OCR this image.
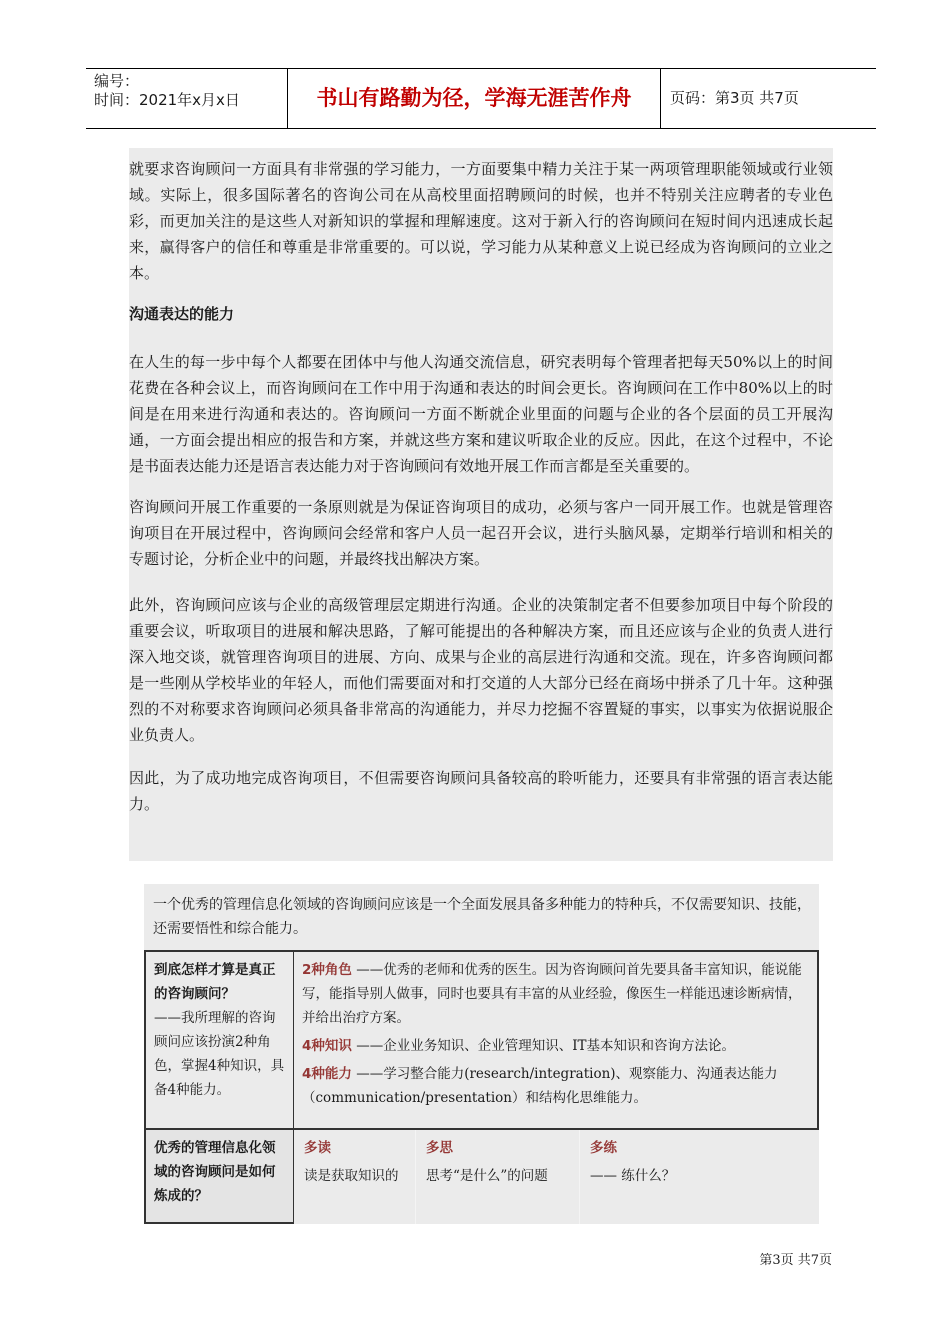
编号：
时间：2021年x月x日	书山有路勤为径，学海无涯苦作舟	页码：第3页 共7页
就要求咨询顾问一方面具有非常强的学习能力，一方面要集中精力关注于某一两项管理职能领域或行业领域。实际上，很多国际著名的咨询公司在从高校里面招聘顾问的时候，也并不特别关注应聘者的专业色彩，而更加关注的是这些人对新知识的掌握和理解速度。这对于新入行的咨询顾问在短时间内迅速成长起来，赢得客户的信任和尊重是非常重要的。可以说，学习能力从某种意义上说已经成为咨询顾问的立业之本。
沟通表达的能力
在人生的每一步中每个人都要在团体中与他人沟通交流信息，研究表明每个管理者把每天50%以上的时间花费在各种会议上，而咨询顾问在工作中用于沟通和表达的时间会更长。咨询顾问在工作中80%以上的时间是在用来进行沟通和表达的。咨询顾问一方面不断就企业里面的问题与企业的各个层面的员工开展沟通，一方面会提出相应的报告和方案，并就这些方案和建议听取企业的反应。因此，在这个过程中，不论是书面表达能力还是语言表达能力对于咨询顾问有效地开展工作而言都是至关重要的。
咨询顾问开展工作重要的一条原则就是为保证咨询项目的成功，必须与客户一同开展工作。也就是管理咨询项目在开展过程中，咨询顾问会经常和客户人员一起召开会议，进行头脑风暴，定期举行培训和相关的专题讨论，分析企业中的问题，并最终找出解决方案。
此外，咨询顾问应该与企业的高级管理层定期进行沟通。企业的决策制定者不但要参加项目中每个阶段的重要会议，听取项目的进展和解决思路，了解可能提出的各种解决方案，而且还应该与企业的负责人进行深入地交谈，就管理咨询项目的进展、方向、成果与企业的高层进行沟通和交流。现在，许多咨询顾问都是一些刚从学校毕业的年轻人，而他们需要面对和打交道的人大部分已经在商场中拼杀了几十年。这种强烈的不对称要求咨询顾问必须具备非常高的沟通能力，并尽力挖掘不容置疑的事实，以事实为依据说服企业负责人。
因此，为了成功地完成咨询项目，不但需要咨询顾问具备较高的聆听能力，还要具有非常强的语言表达能力。
一个优秀的管理信息化领域的咨询顾问应该是一个全面发展具备多种能力的特种兵，不仅需要知识、技能，还需要悟性和综合能力。
到底怎样才算是真正的咨询顾问？
——我所理解的咨询顾问应该扮演2种角色，掌握4种知识，具备4种能力。
2种角色 ——优秀的老师和优秀的医生。因为咨询顾问首先要具备丰富知识，能说能写，能指导别人做事，同时也要具有丰富的从业经验，像医生一样能迅速诊断病情，并给出治疗方案。
4种知识 ——企业业务知识、企业管理知识、IT基本知识和咨询方法论。
4种能力 ——学习整合能力(research/integration)、观察能力、沟通表达能力（communication/presentation）和结构化思维能力。
优秀的管理信息化领域的咨询顾问是如何炼成的？
多读
读是获取知识的
多思
思考“是什么”的问题
多练
—— 练什么？
第3页 共7页
